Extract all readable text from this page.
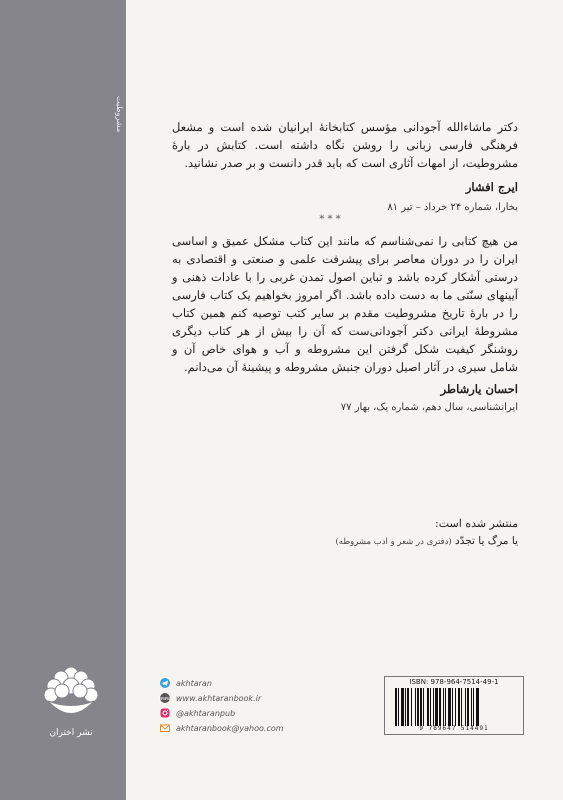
مشروطیت
نشر اختران
دکتر ماشاءالله آجودانی مؤسس کتابخانهٔ ایرانیان شده است و مشعل فرهنگی فارسی زبانی را روشن نگاه داشته است. کتابش در بارهٔ مشروطیت، از امهات آثاری است که باید قدر دانست و بر صدر نشانید.
ایرج افشار
بخارا، شماره ۲۴ خرداد – تیر ۸۱
* * *
من هیچ کتابی را نمی‌شناسم که مانند این کتاب مشکل عمیق و اساسی ایران را در دوران معاصر برای پیشرفت علمی و صنعتی و اقتصادی به درستی آشکار کرده باشد و تباین اصول تمدن غربی را با عادات ذهنی و آیینهای سنّتی ما به دست داده باشد. اگر امروز بخواهیم یک کتاب فارسی را در بارهٔ تاریخ مشروطیت مقدم بر سایر کتب توصیه کنم همین کتاب مشروطهٔ ایرانی دکتر آجودانی‌ست که آن را بیش از هر کتاب دیگری روشنگر کیفیت شکل گرفتن این مشروطه و آب و هوای خاص آن و شامل سیری در آثار اصیل دوران جنبش مشروطه و پیشینهٔ آن می‌دانم.
احسان یارشاطر
ایرانشناسی، سال دهم، شماره یک، بهار ۷۷
منتشر شده است:
یا مرگ یا تجدّد (دفتری در شعر و ادب مشروطه)
akhtaran
www www.akhtaranbook.ir
@akhtaranpub
akhtaranbook@yahoo.com
ISBN: 978-964-7514-49-1
9 789647 514491
